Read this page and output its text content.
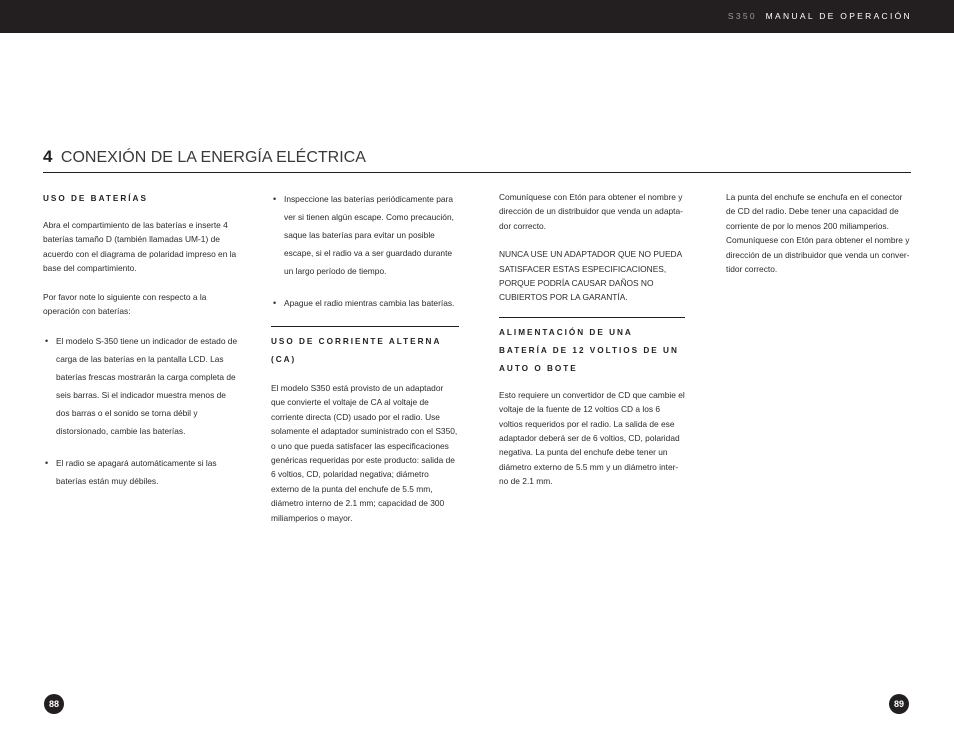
S350 MANUAL DE OPERACIÓN
4 CONEXIÓN DE LA ENERGÍA ELÉCTRICA
USO DE BATERÍAS

Abra el compartimiento de las baterías e inserte 4 baterías tamaño D (también llamadas UM-1) de acuerdo con el diagrama de polaridad impreso en la base del compartimiento.

Por favor note lo siguiente con respecto a la operación con baterías:

• El modelo S-350 tiene un indicador de estado de carga de las baterías en la pantalla LCD. Las baterías frescas mostrarán la carga completa de seis barras. Si el indicador muestra menos de dos barras o el sonido se torna débil y distorsionado, cambie las baterías.
• El radio se apagará automáticamente si las baterías están muy débiles.
• Inspeccione las baterías periódicamente para ver si tienen algún escape. Como precaución, saque las baterías para evitar un posible escape, si el radio va a ser guardado durante un largo período de tiempo.
• Apague el radio mientras cambia las baterías.
USO DE CORRIENTE ALTERNA (CA)

El modelo S350 está provisto de un adaptador que convierte el voltaje de CA al voltaje de corriente directa (CD) usado por el radio. Use solamente el adaptador suministrado con el S350, o uno que pueda satisfacer las especificaciones genéricas requeridas por este producto: salida de 6 voltios, CD, polaridad negativa; diámetro externo de la punta del enchufe de 5.5 mm, diámetro interno de 2.1 mm; capacidad de 300 miliamperios o mayor.

Comuníquese con Etón para obtener el nombre y dirección de un distribuidor que venda un adapta-dor correcto.

NUNCA USE UN ADAPTADOR QUE NO PUEDA SATISFACER ESTAS ESPECIFICACIONES, PORQUE PODRÍA CAUSAR DAÑOS NO CUBIERTOS POR LA GARANTÍA.

ALIMENTACIÓN DE UNA BATERÍA DE 12 VOLTIOS DE UN AUTO O BOTE

Esto requiere un convertidor de CD que cambie el voltaje de la fuente de 12 voltios CD a los 6 voltios requeridos por el radio. La salida de ese adaptador deberá ser de 6 voltios, CD, polaridad negativa. La punta del enchufe debe tener un diámetro externo de 5.5 mm y un diámetro inter-no de 2.1 mm.

La punta del enchufe se enchufa en el conector de CD del radio. Debe tener una capacidad de corriente de por lo menos 200 miliamperios. Comuníquese con Etón para obtener el nombre y dirección de un distribuidor que venda un conver-tidor correcto.

88	89
